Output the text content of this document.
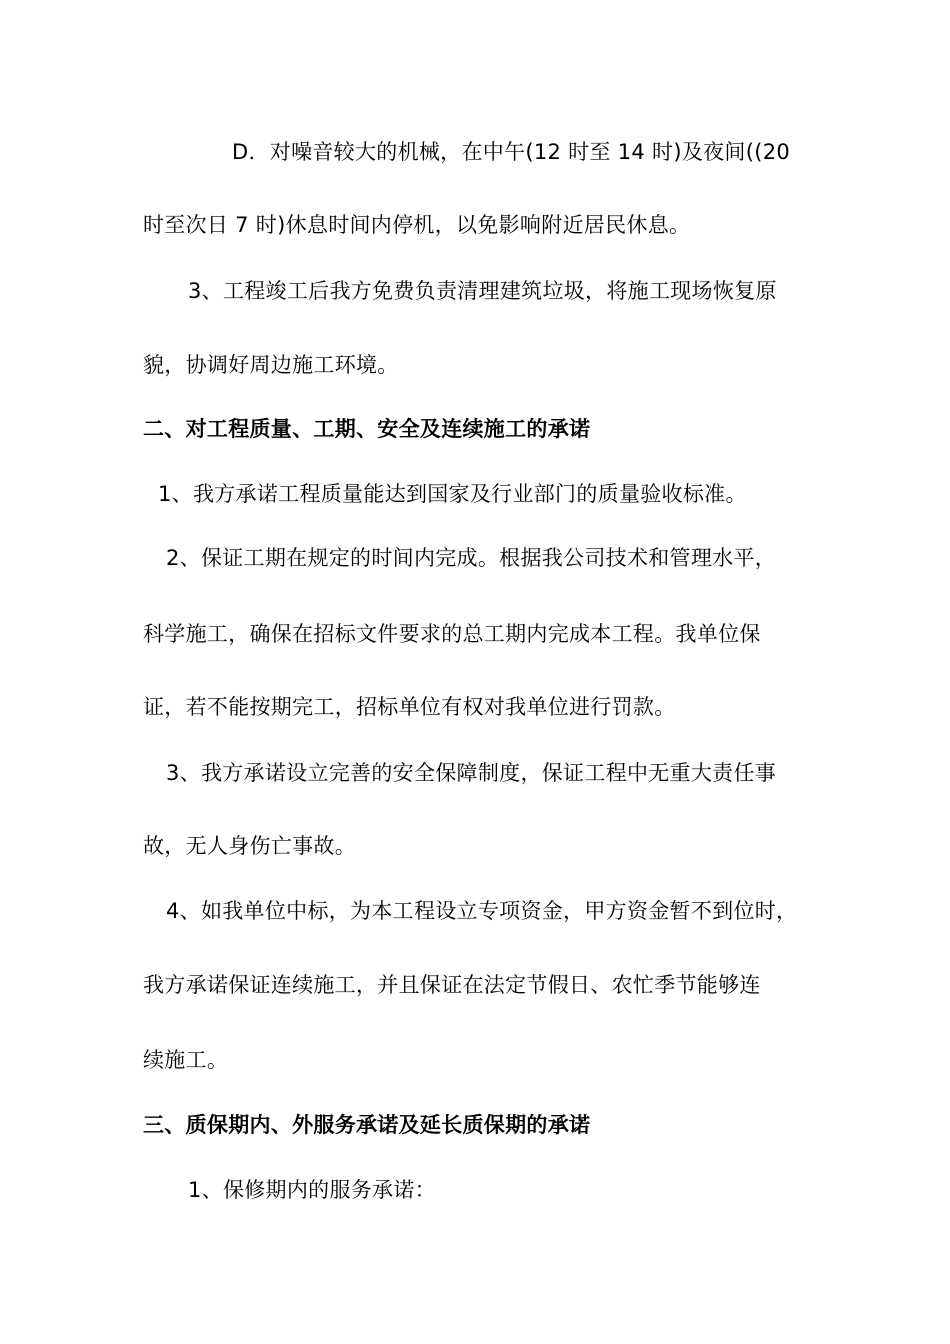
D．对噪音较大的机械，在中午(12 时至 14 时)及夜间((20
时至次日 7 时)休息时间内停机，以免影响附近居民休息。
3、工程竣工后我方免费负责清理建筑垃圾，将施工现场恢复原
貌，协调好周边施工环境。
二、对工程质量、工期、安全及连续施工的承诺
1、我方承诺工程质量能达到国家及行业部门的质量验收标准。
2、保证工期在规定的时间内完成。根据我公司技术和管理水平，
科学施工，确保在招标文件要求的总工期内完成本工程。我单位保
证，若不能按期完工，招标单位有权对我单位进行罚款。
3、我方承诺设立完善的安全保障制度，保证工程中无重大责任事
故，无人身伤亡事故。
4、如我单位中标，为本工程设立专项资金，甲方资金暂不到位时，
我方承诺保证连续施工，并且保证在法定节假日、农忙季节能够连
续施工。
三、质保期内、外服务承诺及延长质保期的承诺
1、保修期内的服务承诺：
